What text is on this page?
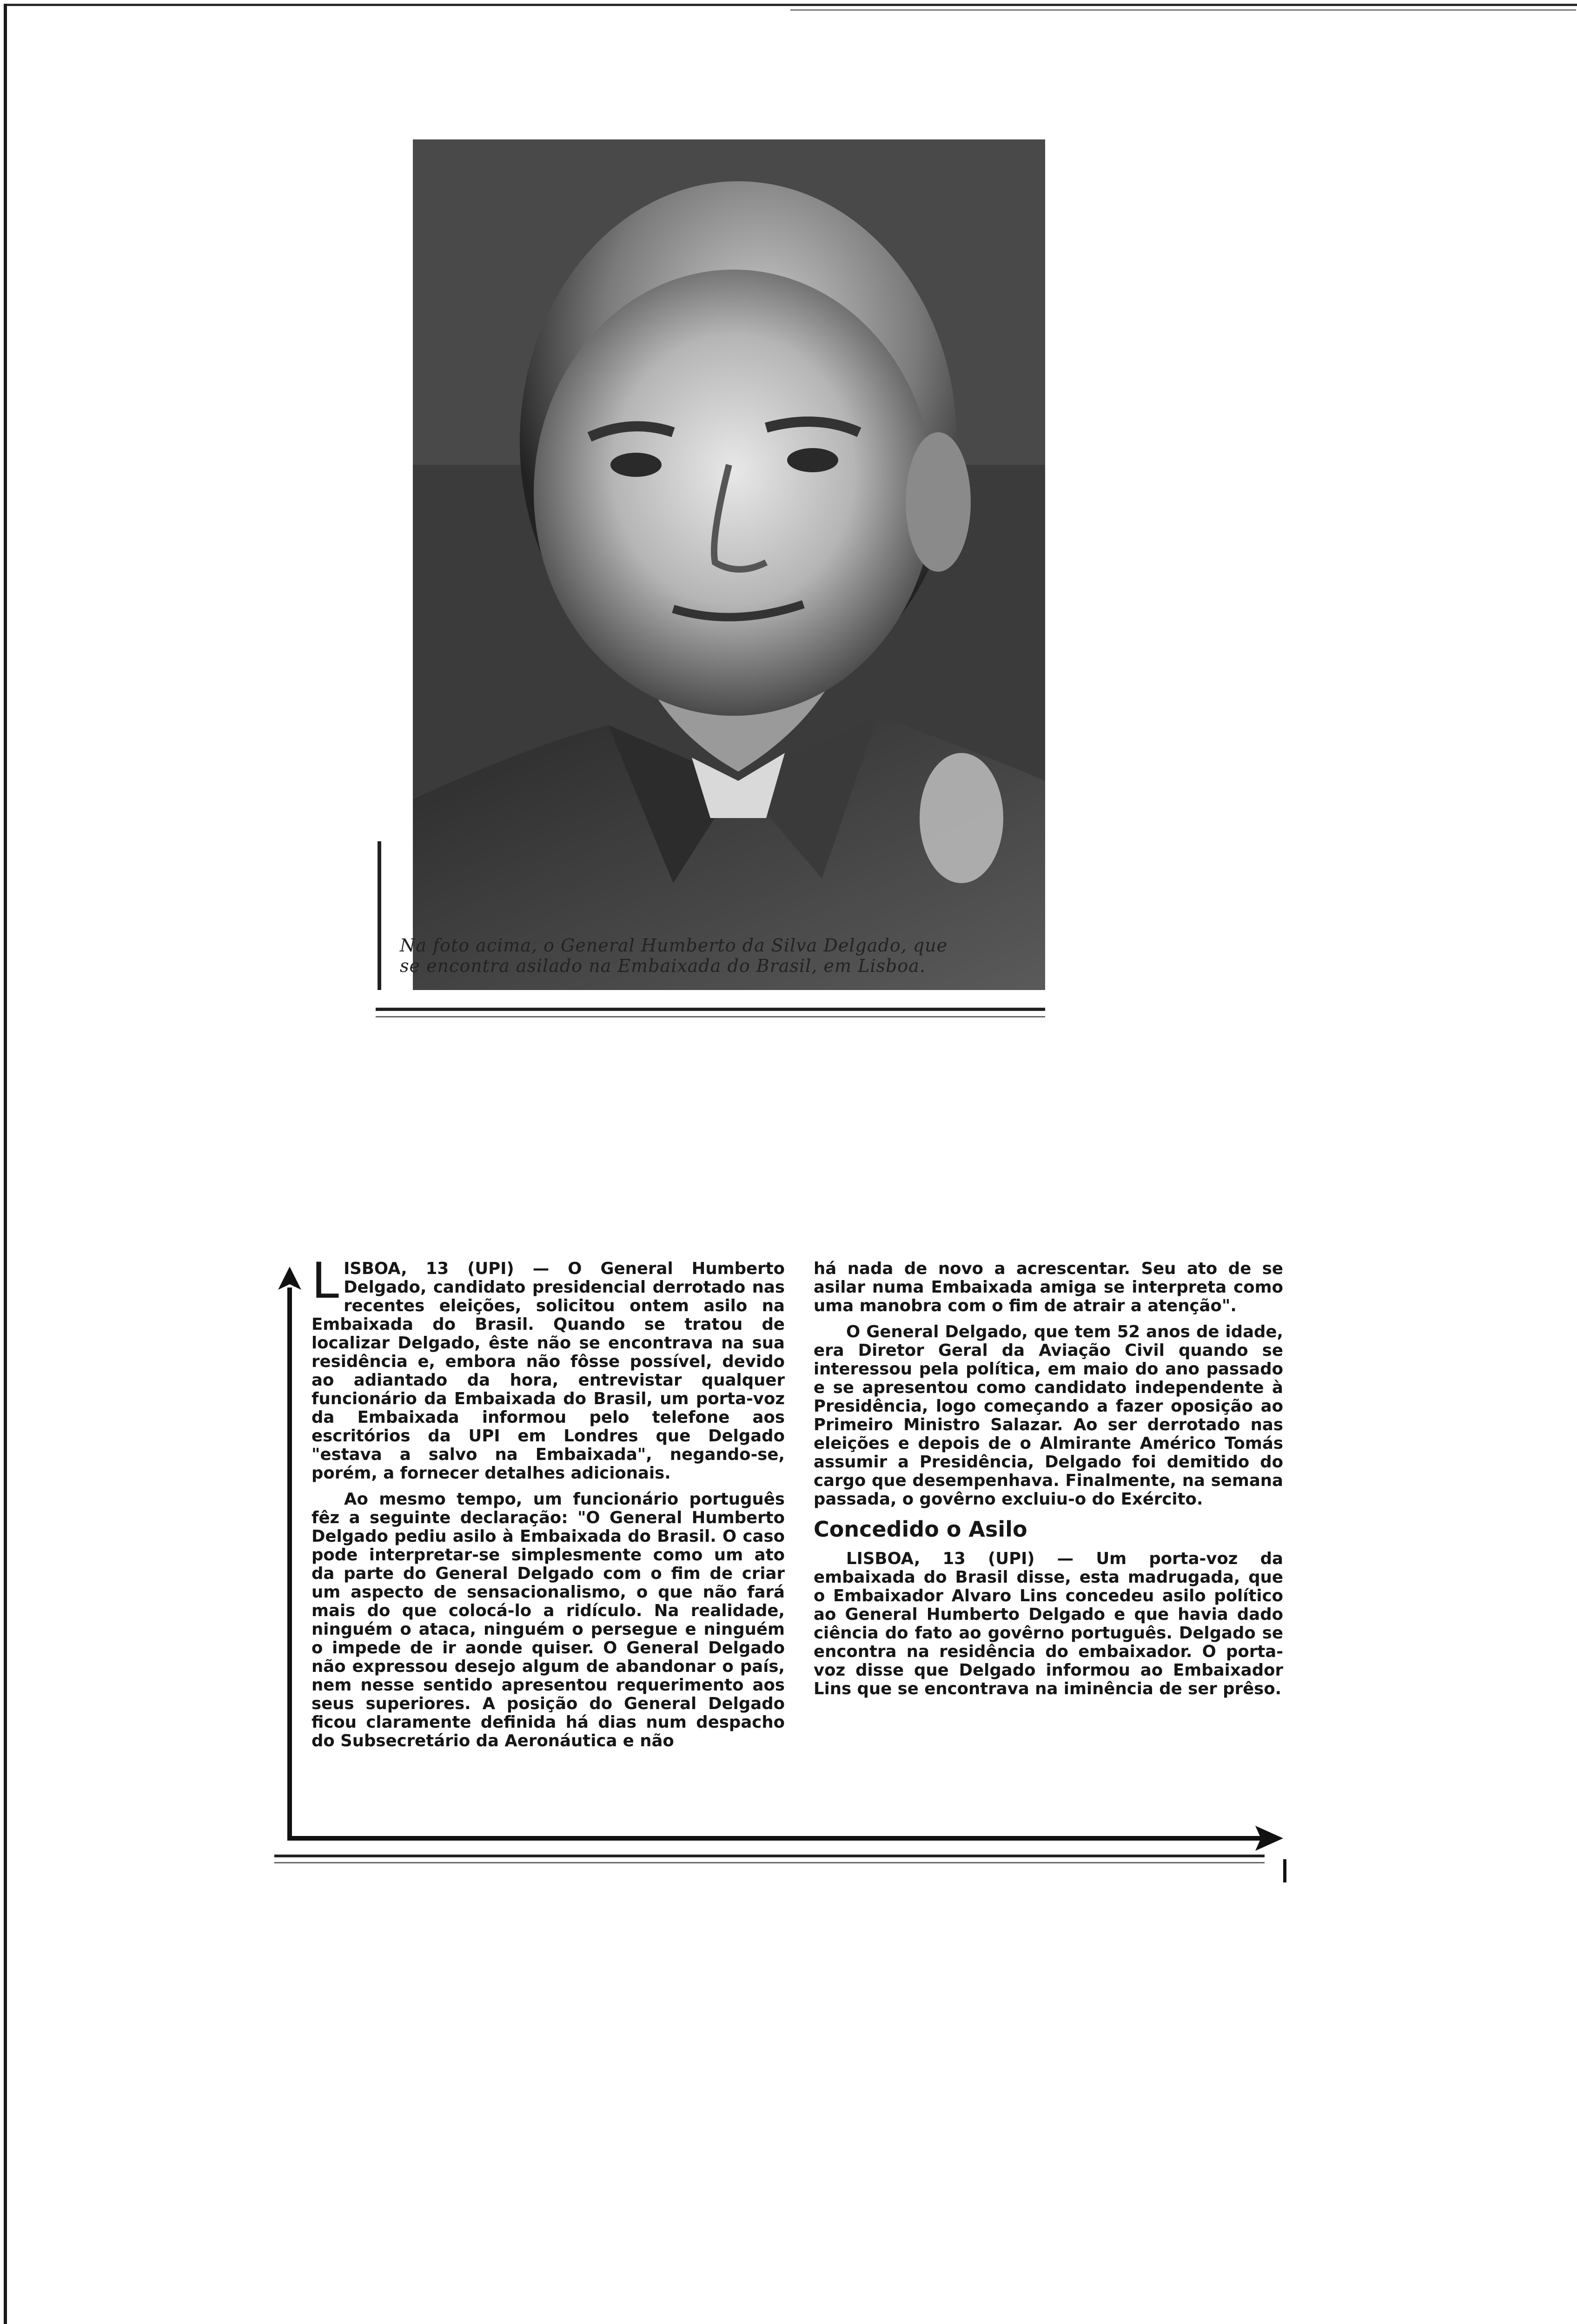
Na foto acima, o General Humberto da Silva Delgado, que
se encontra asilado na Embaixada do Brasil, em Lisboa.

LISBOA, 13 (UPI) — O General Humberto Delgado, candidato presidencial derrotado nas recentes eleições, solicitou ontem asilo na Embaixada do Brasil. Quando se tratou de localizar Delgado, êste não se encontrava na sua residência e, embora não fôsse possível, devido ao adiantado da hora, entrevistar qualquer funcionário da Embaixada do Brasil, um porta-voz da Embaixada informou pelo telefone aos escritórios da UPI em Londres que Delgado "estava a salvo na Embaixada", negando-se, porém, a fornecer detalhes adicionais.

Ao mesmo tempo, um funcionário português fêz a seguinte declaração: "O General Humberto Delgado pediu asilo à Embaixada do Brasil. O caso pode interpretar-se simplesmente como um ato da parte do General Delgado com o fim de criar um aspecto de sensacionalismo, o que não fará mais do que colocá-lo a ridículo. Na realidade, ninguém o ataca, ninguém o persegue e ninguém o impede de ir aonde quiser. O General Delgado não expressou desejo algum de abandonar o país, nem nesse sentido apresentou requerimento aos seus superiores. A posição do General Delgado ficou claramente definida há dias num despacho do Subsecretário da Aeronáutica e não

há nada de novo a acrescentar. Seu ato de se asilar numa Embaixada amiga se interpreta como uma manobra com o fim de atrair a atenção".

O General Delgado, que tem 52 anos de idade, era Diretor Geral da Aviação Civil quando se interessou pela política, em maio do ano passado e se apresentou como candidato independente à Presidência, logo começando a fazer oposição ao Primeiro Ministro Salazar. Ao ser derrotado nas eleições e depois de o Almirante Américo Tomás assumir a Presidência, Delgado foi demitido do cargo que desempenhava. Finalmente, na semana passada, o govêrno excluiu-o do Exército.

Concedido o Asilo

LISBOA, 13 (UPI) — Um porta-voz da embaixada do Brasil disse, esta madrugada, que o Embaixador Alvaro Lins concedeu asilo político ao General Humberto Delgado e que havia dado ciência do fato ao govêrno português. Delgado se encontra na residência do embaixador. O porta-voz disse que Delgado informou ao Embaixador Lins que se encontrava na iminência de ser prêso.
